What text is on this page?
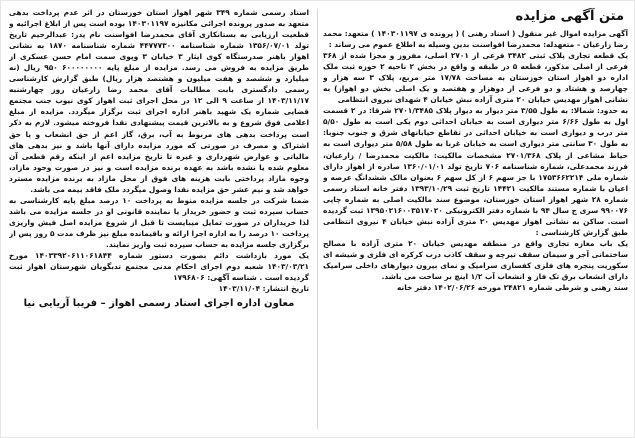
متن آگهی مزایده

آگهی مزایده اموال غیر منقول ( اسناد رهنی ) ( پرونده ی ۱۴۰۳۰۱۱۹۷ ) متعهد: محمد رضا زارعیان – متعهدله: محمدرضا افواسنت بدین وسیله به اطلاع عموم می رساند :

یک قطعه تجاری پلاک ثبتی ۳۴۸۲ فرعی از ۲۷۰۱ اصلی، مفروز و مجزا شده از ۳۶۸ فرعی از اصلی مذکور، قطعه ۵ در طبقه و واقع در بخش ۲ ناحیه ۲ حوزه ثبت ملک اداره دو اهواز استان خوزستان به مساحت ۱۷/۷۸ متر مربع، پلاک ۳ سه هزار و چهارصد و هشتاد و دو فرعی از دوهزار و هفتصد و یک اصلی بخش دو اهواز) به نشانی اهواز مهدیس خیابان ۲۰ متری آزاده نبش خیابان ۴ شهدای نیروی انتظامی

به حدود: شمالا: به طول ۳/۵۵ متر دیوار به دیوار پلاک ۲۷۰۱/۳۴۸۵ شرقا: در ۲ قسمت اول به طول ۶/۶۶ متر دیواری است به خیابان احداثی دوم یکی است به طول ۵/۵۰ متر درب و دیواری است به خیابان احداثی در تقاطع خیابانهای شرق و جنوب جنوبا: به طول ۳۰ سانتی متر دیواری است به خیابان غربا به طول ۵/۵۸ متر دیواری است به حیاط مشاعی از پلاک ۲۷۰۱/۳۶۸ مشخصات مالکیت: مالکیت محمدرضا / زارعیان، فرزند محمدعلی، شماره شناسنامه ۷۰۶ تاریخ تولد ۱۳۶۰/۰۱/۰۱ صادره از اهواز دارای شماره ملی ۱۷۵۳۶۶۲۲۱۴ با جز سهم ۶ از کل سهم ۶ بعنوان مالک ششدانگ عرصه و اعیان با شماره مستند مالکیت ۱۴۴۲۱ تاریخ ثبت ۱۳۹۳/۱۰/۲۹ دفتر خانه اسناد رسمی شماره ۲۸ شهر اهواز استان خوزستان، موضوع سند مالکیت اصلی به شماره چاپی ۹۹۰۰۷۶ سری ج سال ۹۴ با شماره دفتر الکترونیکی ۱۳۹۵۰۲۱۶۰۰۳۵۱۷۰۲۰ ثبت گردیده است. ساکن به نشانی اهواز مهدیس ۲۰ متری آزاده نبش خیابان ۴ نیروی انتظامی طبق گزارش کارشناسی :

یک باب مغازه تجاری واقع در منطقه مهدیس خیابان ۲۰ متری آزاده با مصالح ساختمانی آجر و سیمان سقف تیرچه و سقف کاذب درب کرکره ای فلزی و شیشه ای سکوریت پنجره های فلزی کفسازی سرامیک و نمای بیرون دیوارهای داخلی سرامیک دارای انشعاب برق تک فاز و انشعاب آب ۱/۲ اینچ بر ساحت می باشد.

سند رهنی و شرطی شماره ۲۴۸۲۱ مورخه ۱۴۰۲/۰۶/۲۶ دفتر خانه

اسناد رسمی شماره ۳۴۹ شهر اهواز استان خوزستان در اثر عدم پرداخت بدهی متعهد به صدور پرونده اجرائی مکانیزه ۱۴۰۳۰۱۱۹۷ بوده است پس از ابلاغ اجرائیه و قطعیت ارزیابی به بستانکاری آقای محمدرضا افواسنت نام پدر: عبدالرحیم تاریخ تولد ۱۳۵۶/۰۷/۰۱ شماره شناسنامه ۴۴۷۷۷۳۰۰ شماره شناسنامه ۱۸۷۰ به نشانی اهواز باهنر صدرستگاه کوی ایثار ۳ خیابان ۳ وپوی سمت امام حسن عسکری از طریق مزایده به فروش می رسد. مزایده از مبلغ پایه ۶۰۰۰۰۰۰۰۰ ۹۵۰ ریال (نه میلیارد و ششصد و هفت میلیون و هشتصد هزار ریال) طبق گزارش کارشناسی رسمی دادگستری بابت مطالبات آقای محمد رضا زارعیان روز چهارشنبه ۱۴۰۳/۱۱/۱۷ از ساعت ۹ الی ۱۲ در محل اجرای ثبت اهواز کوی نیوب جنب مجتمع قضایی شماره یک شهید باهنر اداره اجرای ثبت برگزار میگردد. مزایده از مبلغ اعلامی فوق شروع و به بالاترین قیمت پیشنهادی نقدا فروخته میشود. لازم به ذکر است پرداخت بدهی های مربوط به آب، برق، گاز اعم از حق انشعاب و یا حق اشتراک و مصرف در صورتی که مورد مزایده دارای آنها باشد و نیز بدهی های مالیاتی و عوارض شهرداری و غیره تا تاریخ مزایده اعم از اینکه رقم قطعی آن معلوم شده یا نشده باشد به عهده برنده مزایده است و نیز در صورت وجود مازاد، وجوه مازاد پرداختی بابت هزینه های فوق از محل مازاد به برنده مزایده مسترد خواهد شد و نیم عشر حق مزایده نقدا وصول میگردد ملک فاقد بیمه می باشد.

ضمنا شرکت در جلسه مزایده منوط به پرداخت ۱۰ درصد مبلغ پایه کارشناسی به حساب سپرده ثبت و حضور خریدار یا نماینده قانونی او در جلسه مزایده می باشد لذا خریداران در صورت تمایل میبایست تا قبل از شروع مزایده اصل فیش واریزی پرداخت ۱۰ درصد را به اداره اجرا ارائه و باقیمانده مبلغ نیز ظرف مدت ۵ روز پس از برگزاری جلسه مزایده به حساب سپرده ثبت واریز نمایند.

یک مورد بازداشت دائم بصورت دستور شماره ۱۴۰۳۳۹۲۰۶۱۱۰۶۱۸۴۴ مورخ ۱۴۰۳/۰۳/۲۱ شعبه دوم اجرای احکام مدنی مجتمع تدبگویان شهرستان اهواز ثبت گردیده است . شناسه آگهی: ۱۷۹۶۸۰۶

تاریخ انتشار: ۱۴۰۳/۱۱/۰۴

معاون اداره اجرای اسناد رسمی اهواز – فریبا آریایی نیا
